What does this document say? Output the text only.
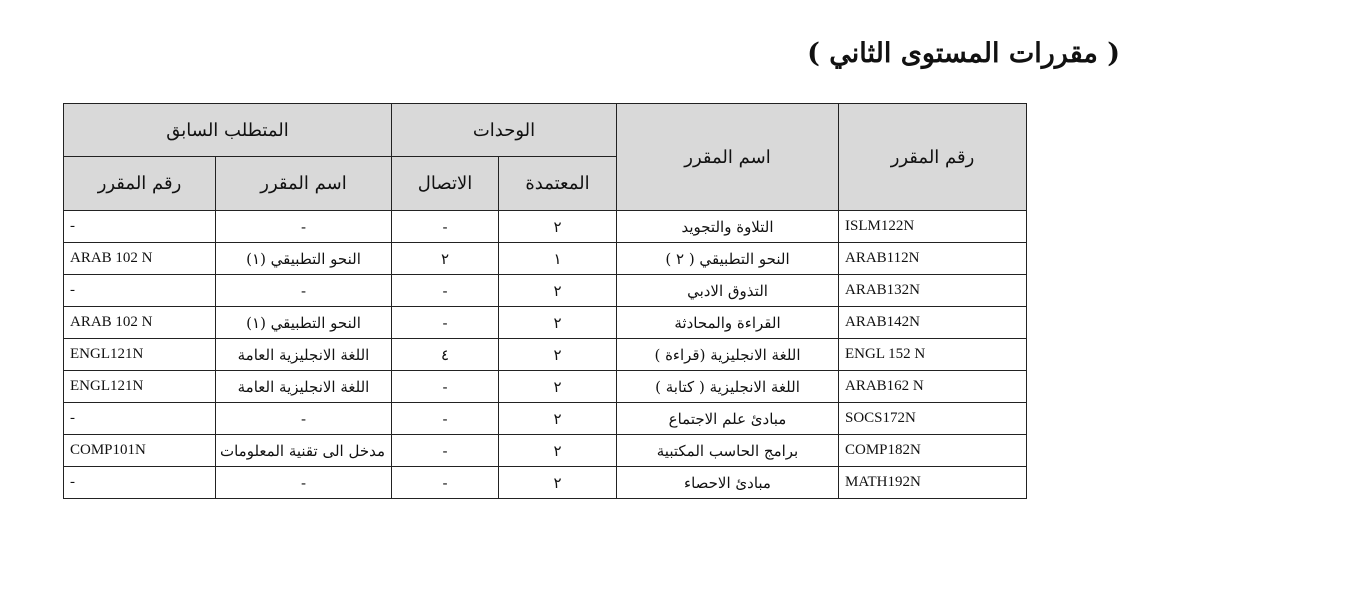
( مقررات المستوى الثاني )
المتطلب السابق		الوحدات		اسم المقرر	رقم المقرر
رقم المقرر	اسم المقرر	الاتصال	المعتمدة		
-	-	-	٢	التلاوة والتجويد	ISLM122N
ARAB 102 N	النحو التطبيقي (١)	٢	١	النحو التطبيقي ( ٢ )	ARAB112N
-	-	-	٢	التذوق الادبي	ARAB132N
ARAB 102 N	النحو التطبيقي (١)	-	٢	القراءة والمحادثة	ARAB142N
ENGL121N	اللغة الانجليزية العامة	٤	٢	اللغة الانجليزية (قراءة )	ENGL 152 N
ENGL121N	اللغة الانجليزية العامة	-	٢	اللغة الانجليزية ( كتابة )	ARAB162 N
-	-	-	٢	مبادئ علم الاجتماع	SOCS172N
COMP101N	مدخل الى تقنية المعلومات	-	٢	برامج الحاسب المكتبية	COMP182N
-	-	-	٢	مبادئ الاحصاء	MATH192N
